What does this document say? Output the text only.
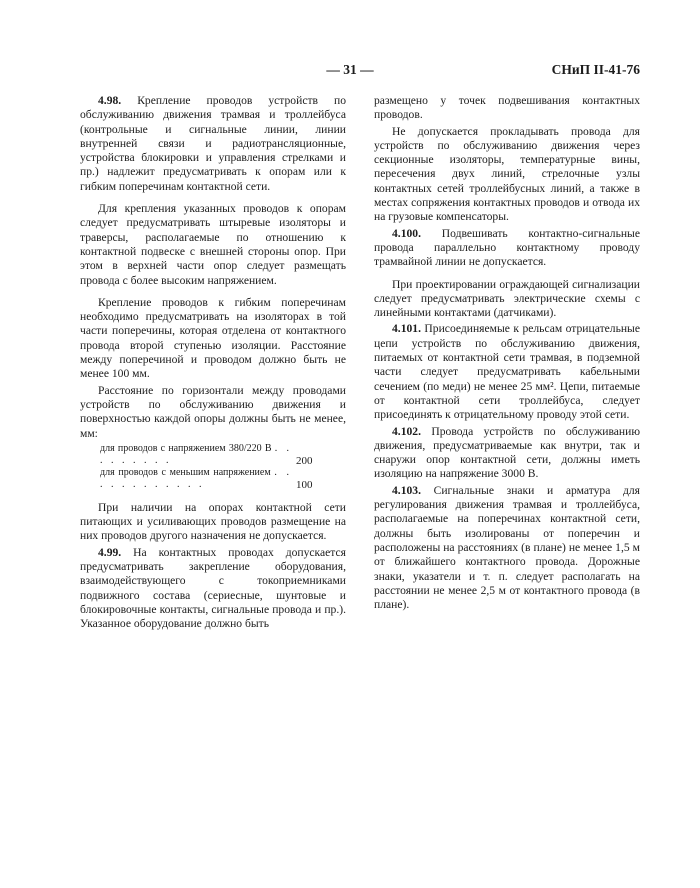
— 31 —	СНиП II-41-76

4.98. Крепление проводов устройств по обслуживанию движения трамвая и троллейбуса (контрольные и сигнальные линии, линии внутренней связи и радиотрансляционные, устройства блокировки и управления стрелками и пр.) надлежит предусматривать к опорам или к гибким поперечинам контактной сети.

Для крепления указанных проводов к опорам следует предусматривать штыревые изоляторы и траверсы, располагаемые по отношению к контактной подвеске с внешней стороны опор. При этом в верхней части опор следует размещать провода с более высоким напряжением.

Крепление проводов к гибким поперечинам необходимо предусматривать на изоляторах в той части поперечины, которая отделена от контактного провода второй ступенью изоляции. Расстояние между поперечиной и проводом должно быть не менее 100 мм.

Расстояние по горизонтали между проводами устройств по обслуживанию движения и поверхностью каждой опоры должны быть не менее, мм:

для проводов с напряжением 380/220 В . . . . . . . . .	200
для проводов с меньшим напряжением . . . . . . . . . . . .	100

При наличии на опорах контактной сети питающих и усиливающих проводов размещение на них проводов другого назначения не допускается.

4.99. На контактных проводах допускается предусматривать закрепление оборудования, взаимодействующего с токоприемниками подвижного состава (сериесные, шунтовые и блокировочные контакты, сигнальные провода и пр.). Указанное оборудование должно быть

размещено у точек подвешивания контактных проводов.

Не допускается прокладывать провода для устройств по обслуживанию движения через секционные изоляторы, температурные вины, пересечения двух линий, стрелочные узлы контактных сетей троллейбусных линий, а также в местах сопряжения контактных проводов и отвода их на грузовые компенсаторы.

4.100. Подвешивать контактно-сигнальные провода параллельно контактному проводу трамвайной линии не допускается.

При проектировании ограждающей сигнализации следует предусматривать электрические схемы с линейными контактами (датчиками).

4.101. Присоединяемые к рельсам отрицательные цепи устройств по обслуживанию движения, питаемых от контактной сети трамвая, в подземной части следует предусматривать кабельными сечением (по меди) не менее 25 мм². Цепи, питаемые от контактной сети троллейбуса, следует присоединять к отрицательному проводу этой сети.

4.102. Провода устройств по обслуживанию движения, предусматриваемые как внутри, так и снаружи опор контактной сети, должны иметь изоляцию на напряжение 3000 В.

4.103. Сигнальные знаки и арматура для регулирования движения трамвая и троллейбуса, располагаемые на поперечинах контактной сети, должны быть изолированы от поперечин и расположены на расстояниях (в плане) не менее 1,5 м от ближайшего контактного провода. Дорожные знаки, указатели и т. п. следует располагать на расстоянии не менее 2,5 м от контактного провода (в плане).
